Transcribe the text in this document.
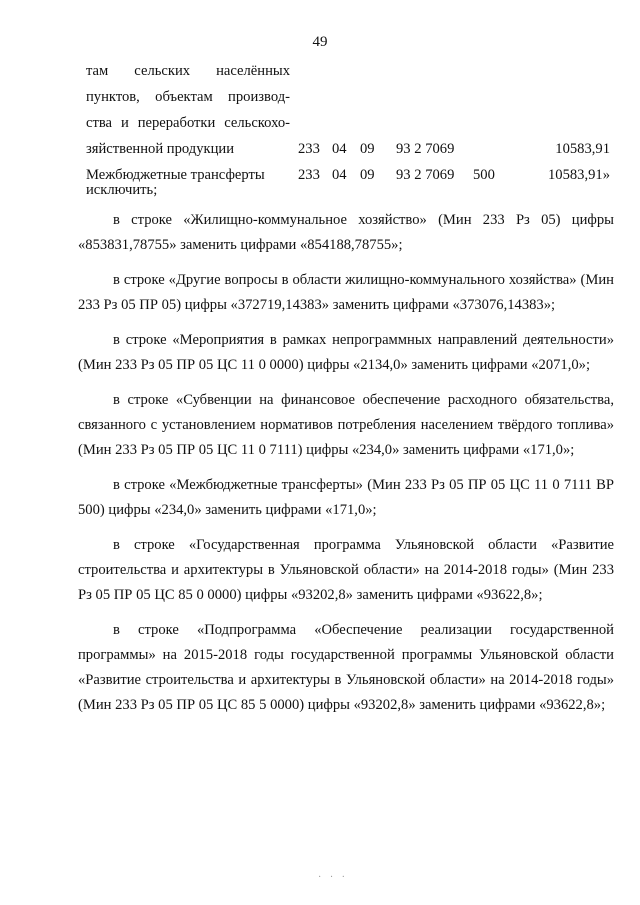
49
там сельских населённых
пунктов, объектам производ-
ства и переработки сельскохо-
зяйственной продукции	233 04 09 93 2 7069	10583,91
Межбюджетные трансферты	233 04 09 93 2 7069 500	10583,91»
исключить;

в строке «Жилищно-коммунальное хозяйство» (Мин 233 Рз 05) цифры «853831,78755» заменить цифрами «854188,78755»;

в строке «Другие вопросы в области жилищно-коммунального хозяйства» (Мин 233 Рз 05 ПР 05) цифры «372719,14383» заменить цифрами «373076,14383»;

в строке «Мероприятия в рамках непрограммных направлений деятельности» (Мин 233 Рз 05 ПР 05 ЦС 11 0 0000) цифры «2134,0» заменить цифрами «2071,0»;

в строке «Субвенции на финансовое обеспечение расходного обязательства, связанного с установлением нормативов потребления населением твёрдого топлива» (Мин 233 Рз 05 ПР 05 ЦС 11 0 7111) цифры «234,0» заменить цифрами «171,0»;

в строке «Межбюджетные трансферты» (Мин 233 Рз 05 ПР 05 ЦС 11 0 7111 ВР 500) цифры «234,0» заменить цифрами «171,0»;

в строке «Государственная программа Ульяновской области «Развитие строительства и архитектуры в Ульяновской области» на 2014-2018 годы» (Мин 233 Рз 05 ПР 05 ЦС 85 0 0000) цифры «93202,8» заменить цифрами «93622,8»;

в строке «Подпрограмма «Обеспечение реализации государственной программы» на 2015-2018 годы государственной программы Ульяновской области «Развитие строительства и архитектуры в Ульяновской области» на 2014-2018 годы» (Мин 233 Рз 05 ПР 05 ЦС 85 5 0000) цифры «93202,8» заменить цифрами «93622,8»;

· · ·
